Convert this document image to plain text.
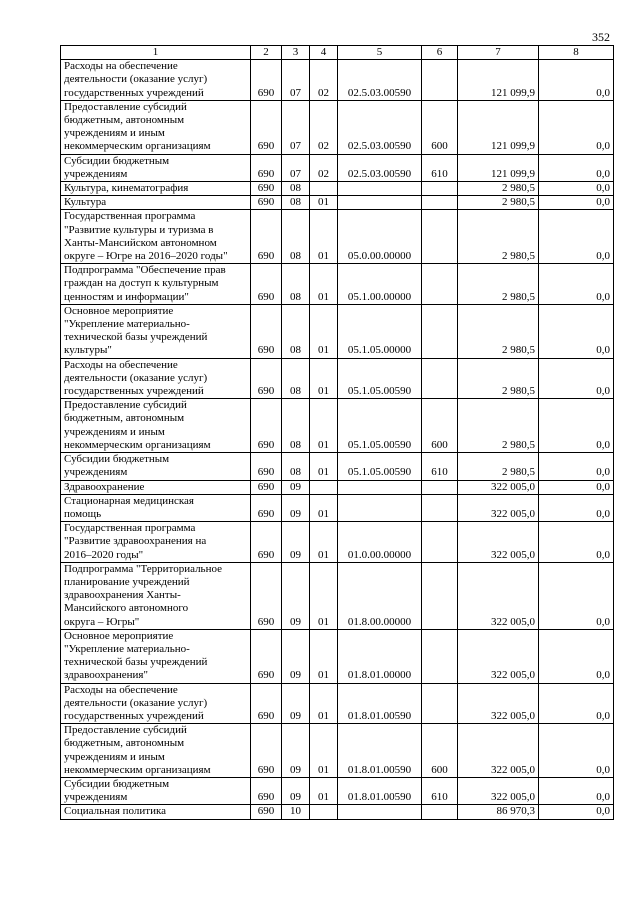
352
1	2	3	4	5	6	7	8
Расходы на обеспечение
деятельности (оказание услуг)
государственных учреждений	690	07	02	02.5.03.00590		121 099,9	0,0
Предоставление субсидий
бюджетным, автономным
учреждениям и иным
некоммерческим организациям	690	07	02	02.5.03.00590	600	121 099,9	0,0
Субсидии бюджетным
учреждениям	690	07	02	02.5.03.00590	610	121 099,9	0,0
Культура, кинематография	690	08				2 980,5	0,0
Культура	690	08	01			2 980,5	0,0
Государственная программа
"Развитие культуры и туризма в
Ханты-Мансийском автономном
округе – Югре на 2016–2020 годы"	690	08	01	05.0.00.00000		2 980,5	0,0
Подпрограмма "Обеспечение прав
граждан на доступ к культурным
ценностям и информации"	690	08	01	05.1.00.00000		2 980,5	0,0
Основное мероприятие
"Укрепление материально-
технической базы учреждений
культуры"	690	08	01	05.1.05.00000		2 980,5	0,0
Расходы на обеспечение
деятельности (оказание услуг)
государственных учреждений	690	08	01	05.1.05.00590		2 980,5	0,0
Предоставление субсидий
бюджетным, автономным
учреждениям и иным
некоммерческим организациям	690	08	01	05.1.05.00590	600	2 980,5	0,0
Субсидии бюджетным
учреждениям	690	08	01	05.1.05.00590	610	2 980,5	0,0
Здравоохранение	690	09				322 005,0	0,0
Стационарная медицинская
помощь	690	09	01			322 005,0	0,0
Государственная программа
"Развитие здравоохранения на
2016–2020 годы"	690	09	01	01.0.00.00000		322 005,0	0,0
Подпрограмма "Территориальное
планирование учреждений
здравоохранения Ханты-
Мансийского автономного
округа – Югры"	690	09	01	01.8.00.00000		322 005,0	0,0
Основное мероприятие
"Укрепление материально-
технической базы учреждений
здравоохранения"	690	09	01	01.8.01.00000		322 005,0	0,0
Расходы на обеспечение
деятельности (оказание услуг)
государственных учреждений	690	09	01	01.8.01.00590		322 005,0	0,0
Предоставление субсидий
бюджетным, автономным
учреждениям и иным
некоммерческим организациям	690	09	01	01.8.01.00590	600	322 005,0	0,0
Субсидии бюджетным
учреждениям	690	09	01	01.8.01.00590	610	322 005,0	0,0
Социальная политика	690	10				86 970,3	0,0
